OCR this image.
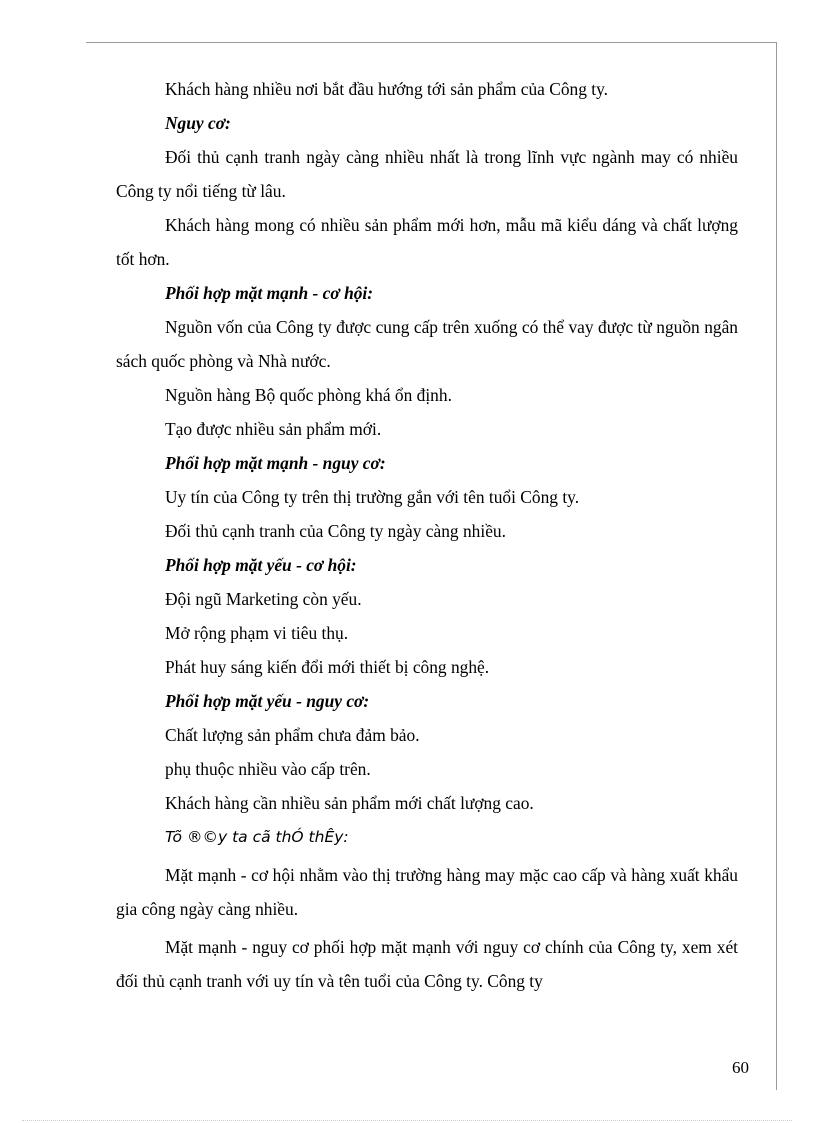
Khách hàng nhiều nơi bắt đầu hướng tới sản phẩm của Công ty.

Nguy cơ:

Đối thủ cạnh tranh ngày càng nhiều nhất là trong lĩnh vực ngành may có nhiều Công ty nổi tiếng từ lâu.

Khách hàng mong có nhiều sản phẩm mới hơn, mẫu mã kiểu dáng và chất lượng tốt hơn.

Phối hợp mặt mạnh - cơ hội:

Nguồn vốn của Công ty được cung cấp trên xuống có thể vay được từ nguồn ngân sách quốc phòng và Nhà nước.

Nguồn hàng Bộ quốc phòng khá ổn định.

Tạo được nhiều sản phẩm mới.

Phối hợp mặt mạnh - nguy cơ:

Uy tín của Công ty trên thị trường gắn với tên tuổi Công ty.

Đối thủ cạnh tranh của Công ty ngày càng nhiều.

Phối hợp mặt yếu - cơ hội:

Đội ngũ Marketing còn yếu.

Mở rộng phạm vi tiêu thụ.

Phát huy sáng kiến đổi mới thiết bị công nghệ.

Phối hợp mặt yếu - nguy cơ:

Chất lượng sản phẩm chưa đảm bảo.

phụ thuộc nhiều vào cấp trên.

Khách hàng cần nhiều sản phẩm mới chất lượng cao.

Tõ ®©y ta cã thÓ thÊy:

Mặt mạnh - cơ hội nhằm vào thị trường hàng may mặc cao cấp và hàng xuất khẩu gia công ngày càng nhiều.

Mặt mạnh - nguy cơ phối hợp mặt mạnh với nguy cơ chính của Công ty, xem xét đối thủ cạnh tranh với uy tín và tên tuổi của Công ty. Công ty

60
